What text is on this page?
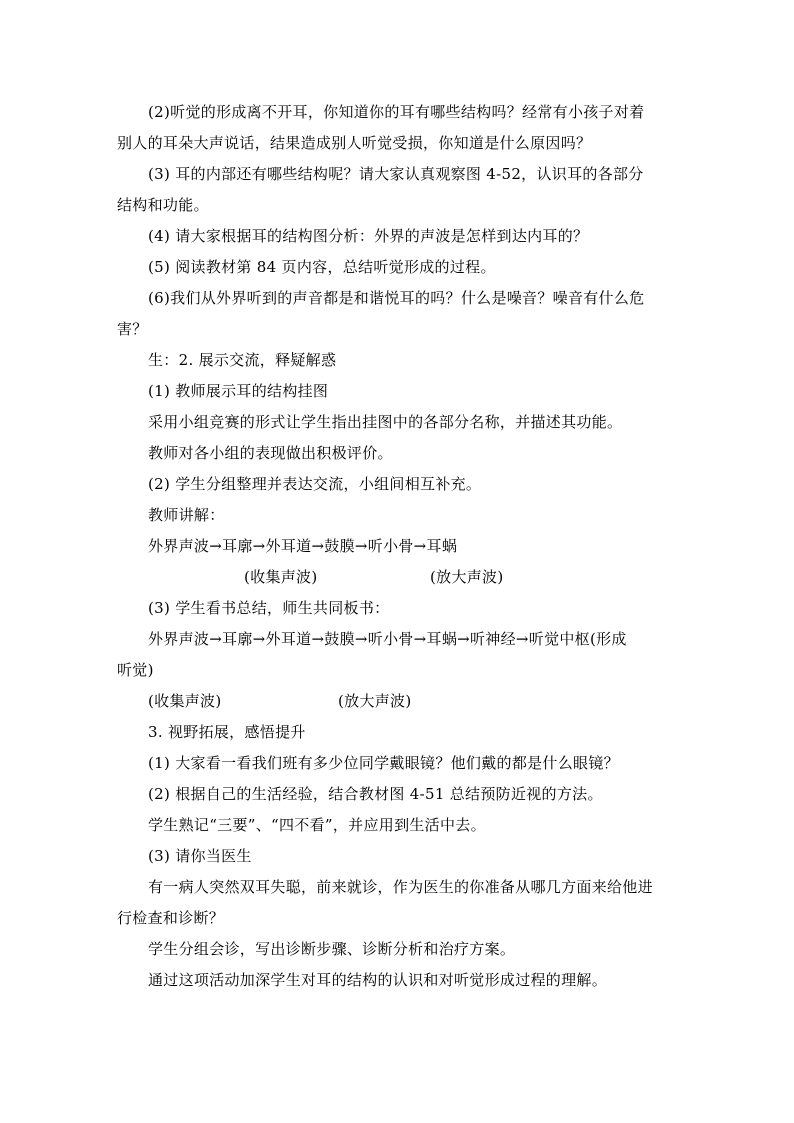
(2)听觉的形成离不开耳，你知道你的耳有哪些结构吗？经常有小孩子对着
别人的耳朵大声说话，结果造成别人听觉受损，你知道是什么原因吗？
(3) 耳的内部还有哪些结构呢？请大家认真观察图 4-52，认识耳的各部分
结构和功能。
(4) 请大家根据耳的结构图分析：外界的声波是怎样到达内耳的？
(5) 阅读教材第 84 页内容，总结听觉形成的过程。
(6)我们从外界听到的声音都是和谐悦耳的吗？什么是噪音？噪音有什么危
害？
生：2. 展示交流，释疑解惑
(1) 教师展示耳的结构挂图
采用小组竞赛的形式让学生指出挂图中的各部分名称，并描述其功能。
教师对各小组的表现做出积极评价。
(2) 学生分组整理并表达交流，小组间相互补充。
教师讲解：
外界声波→耳廓→外耳道→鼓膜→听小骨→耳蜗
(收集声波)	(放大声波)
(3) 学生看书总结，师生共同板书：
外界声波→耳廓→外耳道→鼓膜→听小骨→耳蜗→听神经→听觉中枢(形成
听觉)
(收集声波)	(放大声波)
3. 视野拓展，感悟提升
(1) 大家看一看我们班有多少位同学戴眼镜？他们戴的都是什么眼镜？
(2) 根据自己的生活经验，结合教材图 4-51 总结预防近视的方法。
学生熟记“三要”、“四不看”，并应用到生活中去。
(3) 请你当医生
有一病人突然双耳失聪，前来就诊，作为医生的你准备从哪几方面来给他进
行检查和诊断？
学生分组会诊，写出诊断步骤、诊断分析和治疗方案。
通过这项活动加深学生对耳的结构的认识和对听觉形成过程的理解。
